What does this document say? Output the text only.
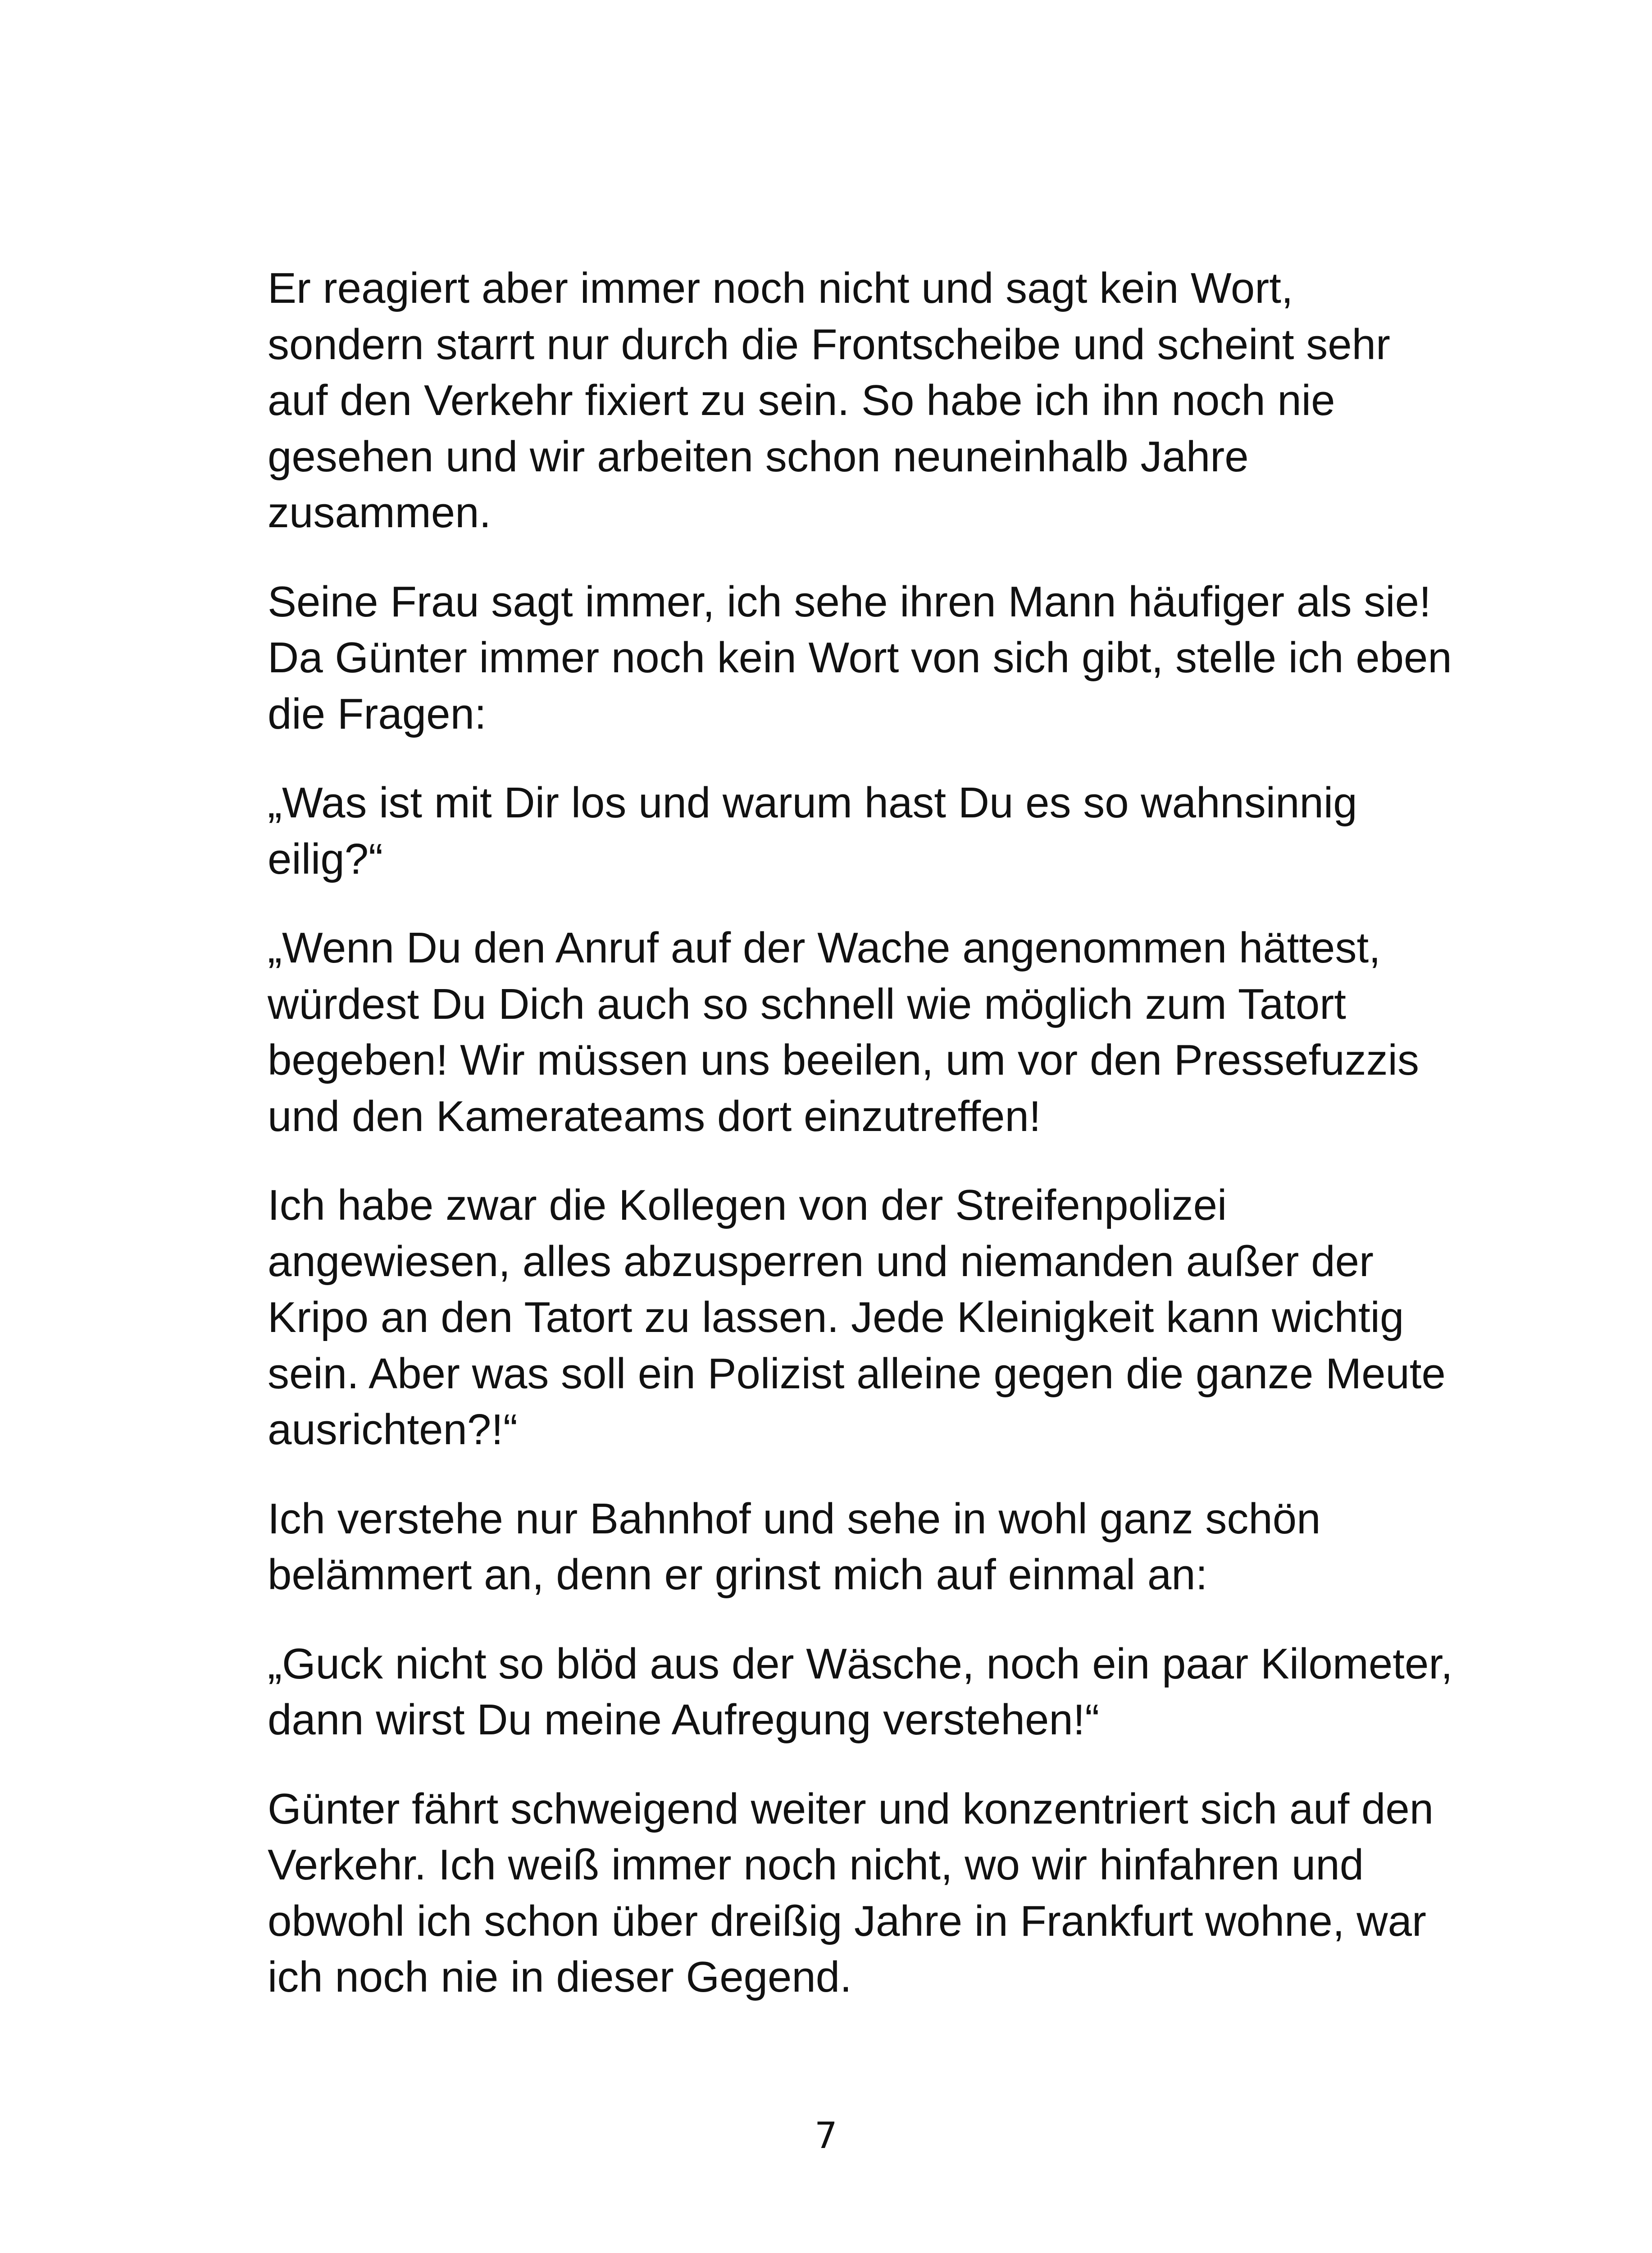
Er reagiert aber immer noch nicht und sagt kein Wort, sondern starrt nur durch die Frontscheibe und scheint sehr auf den Verkehr fixiert zu sein. So habe ich ihn noch nie gesehen und wir arbeiten schon neuneinhalb Jahre zusammen.

Seine Frau sagt immer, ich sehe ihren Mann häufiger als sie! Da Günter immer noch kein Wort von sich gibt, stelle ich eben die Fragen:

„Was ist mit Dir los und warum hast Du es so wahnsinnig eilig?“

„Wenn Du den Anruf auf der Wache angenommen hättest, würdest Du Dich auch so schnell wie möglich zum Tatort begeben! Wir müssen uns beeilen, um vor den Pressefuzzis und den Kamerateams dort einzutreffen!

Ich habe zwar die Kollegen von der Streifenpolizei angewiesen, alles abzusperren und niemanden außer der Kripo an den Tatort zu lassen. Jede Kleinigkeit kann wichtig sein. Aber was soll ein Polizist alleine gegen die ganze Meute ausrichten?!“

Ich verstehe nur Bahnhof und sehe in wohl ganz schön belämmert an, denn er grinst mich auf einmal an:

„Guck nicht so blöd aus der Wäsche, noch ein paar Kilometer, dann wirst Du meine Aufregung verstehen!“

Günter fährt schweigend weiter und konzentriert sich auf den Verkehr. Ich weiß immer noch nicht, wo wir hinfahren und obwohl ich schon über dreißig Jahre in Frankfurt wohne, war ich noch nie in dieser Gegend.

7
